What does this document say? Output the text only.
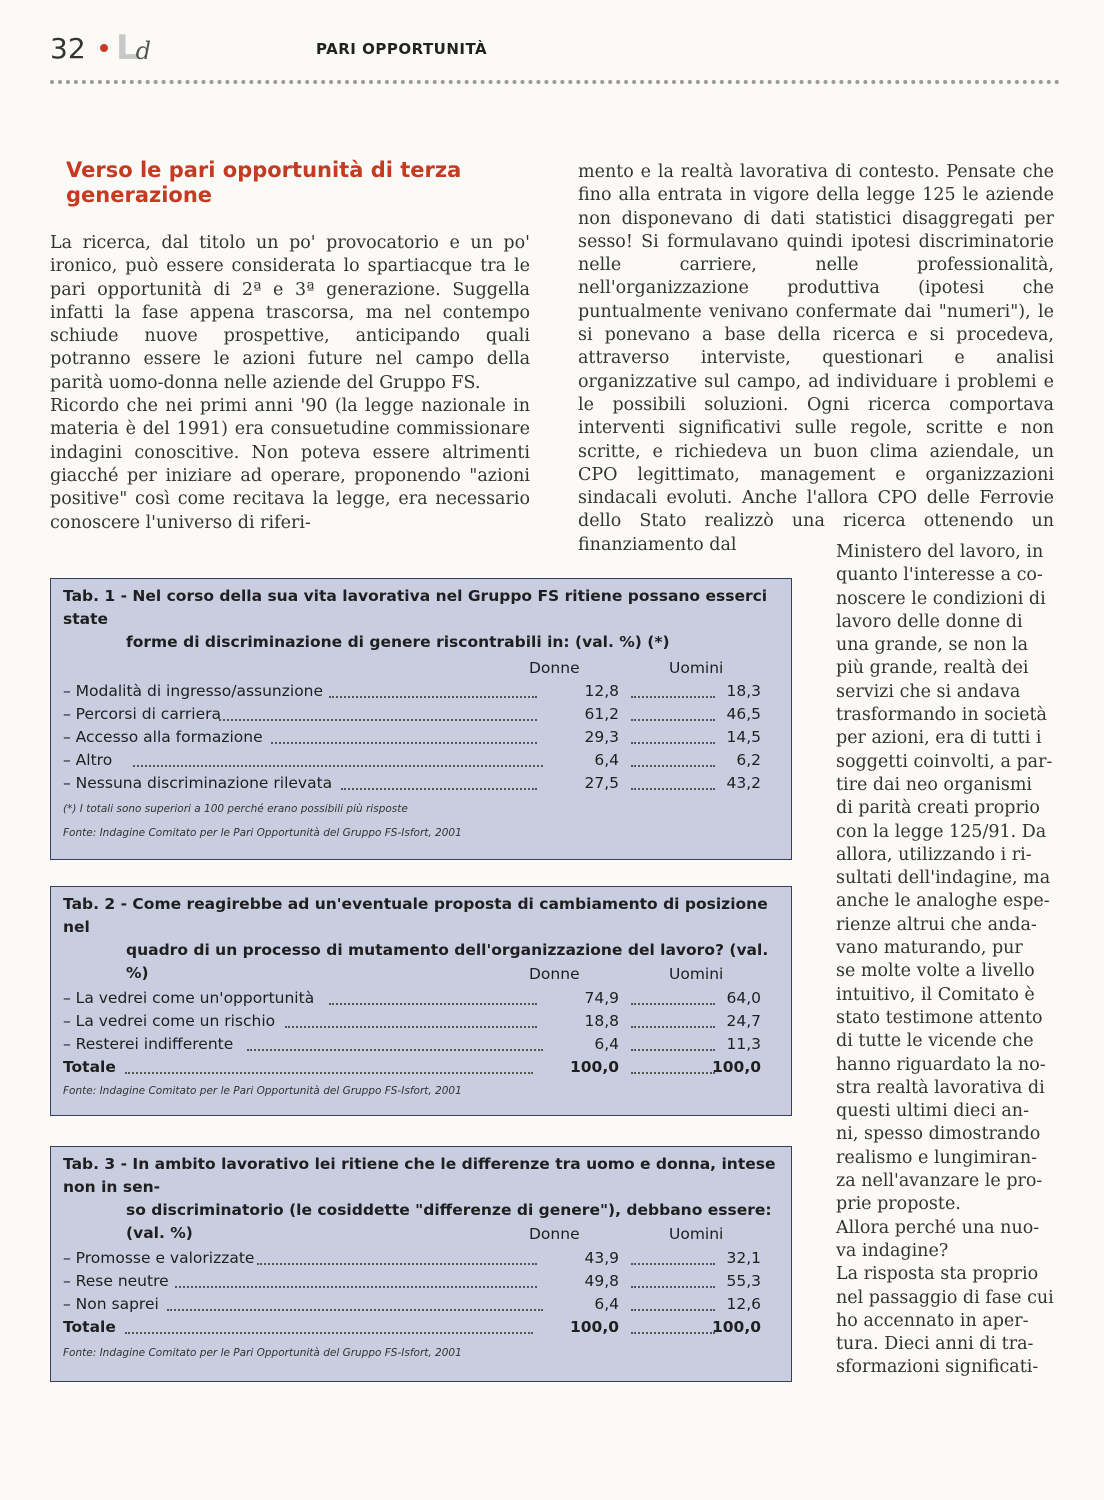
32 Ld	PARI OPPORTUNITÀ
Verso le pari opportunità di terza generazione

La ricerca, dal titolo un po' provocatorio e un po' ironico, può essere considerata lo spartiacque tra le pari opportunità di 2ª e 3ª generazione. Suggella infatti la fase appena trascorsa, ma nel contempo schiude nuove prospettive, anticipando quali potranno essere le azioni future nel campo della parità uomo-donna nelle aziende del Gruppo FS.

Ricordo che nei primi anni '90 (la legge nazionale in materia è del 1991) era consuetudine commissionare indagini conoscitive. Non poteva essere altrimenti giacché per iniziare ad operare, proponendo "azioni positive" così come recitava la legge, era necessario conoscere l'universo di riferi-

mento e la realtà lavorativa di contesto. Pensate che fino alla entrata in vigore della legge 125 le aziende non disponevano di dati statistici disaggregati per sesso! Si formulavano quindi ipotesi discriminatorie nelle carriere, nelle professionalità, nell'organizzazione produttiva (ipotesi che puntualmente venivano confermate dai "numeri"), le si ponevano a base della ricerca e si procedeva, attraverso interviste, questionari e analisi organizzative sul campo, ad individuare i problemi e le possibili soluzioni. Ogni ricerca comportava interventi significativi sulle regole, scritte e non scritte, e richiedeva un buon clima aziendale, un CPO legittimato, management e organizzazioni sindacali evoluti. Anche l'allora CPO delle Ferrovie dello Stato realizzò una ricerca ottenendo un finanziamento dal	Ministero del lavoro, in
quanto l'interesse a co-
noscere le condizioni di
lavoro delle donne di
una grande, se non la
più grande, realtà dei
servizi che si andava
trasformando in società
per azioni, era di tutti i
soggetti coinvolti, a par-
tire dai neo organismi
di parità creati proprio
con la legge 125/91. Da
allora, utilizzando i ri-
sultati dell'indagine, ma
anche le analoghe espe-
rienze altrui che anda-
vano maturando, pur
se molte volte a livello
intuitivo, il Comitato è
stato testimone attento
di tutte le vicende che
hanno riguardato la no-
stra realtà lavorativa di
questi ultimi dieci an-
ni, spesso dimostrando
realismo e lungimiran-
za nell'avanzare le pro-
prie proposte.
Allora perché una nuo-
va indagine?
La risposta sta proprio
nel passaggio di fase cui
ho accennato in aper-
tura. Dieci anni di tra-
sformazioni significati-
Tab. 1 - Nel corso della sua vita lavorativa nel Gruppo FS ritiene possano esserci state
forme di discriminazione di genere riscontrabili in: (val. %) (*)
Donne	Uomini
– Modalità di ingresso/assunzione	12,8	18,3
– Percorsi di carriera	61,2	46,5
– Accesso alla formazione	29,3	14,5
– Altro	6,4	6,2
– Nessuna discriminazione rilevata	27,5	43,2
(*) I totali sono superiori a 100 perché erano possibili più risposte
Fonte: Indagine Comitato per le Pari Opportunità del Gruppo FS-Isfort, 2001
Tab. 2 - Come reagirebbe ad un'eventuale proposta di cambiamento di posizione nel
quadro di un processo di mutamento dell'organizzazione del lavoro? (val. %)	Donne	Uomini
– La vedrei come un'opportunità	74,9	64,0
– La vedrei come un rischio	18,8	24,7
– Resterei indifferente	6,4	11,3
Totale	100,0	100,0
Fonte: Indagine Comitato per le Pari Opportunità del Gruppo FS-Isfort, 2001
Tab. 3 - In ambito lavorativo lei ritiene che le differenze tra uomo e donna, intese non in sen-
so discriminatorio (le cosiddette "differenze di genere"), debbano essere: (val. %)	Donne	Uomini
– Promosse e valorizzate	43,9	32,1
– Rese neutre	49,8	55,3
– Non saprei	6,4	12,6
Totale	100,0	100,0
Fonte: Indagine Comitato per le Pari Opportunità del Gruppo FS-Isfort, 2001
